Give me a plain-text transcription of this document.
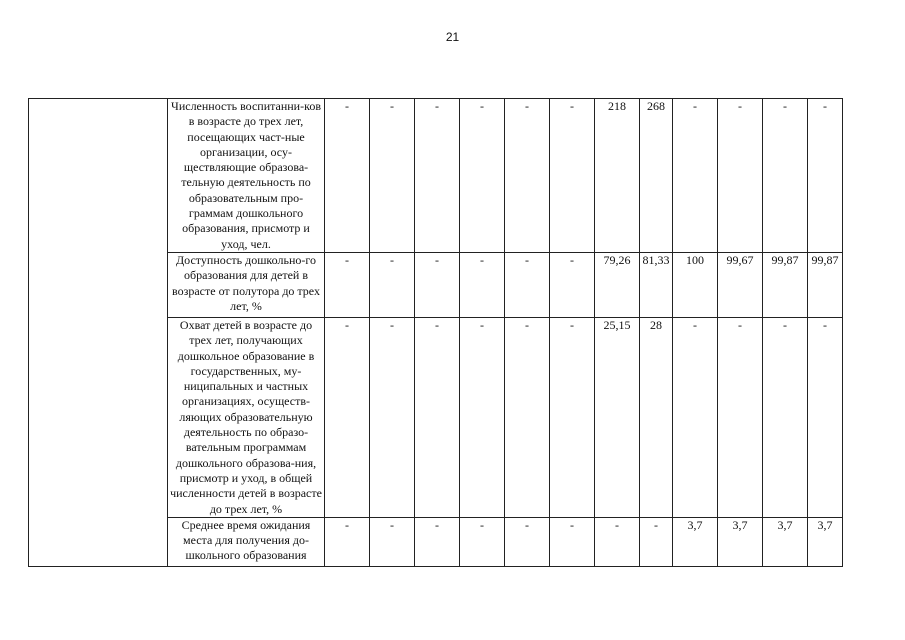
21
	Численность воспитанни-ков в возрасте до трех лет, посещающих част-ные организации, осу-ществляющие образова-тельную деятельность по образовательным про-граммам дошкольного образования, присмотр и уход, чел.	-	-	-	-	-	-	218	268	-	-	-	-
	Доступность дошкольно-го образования для детей в возрасте от полутора до трех лет, %	-	-	-	-	-	-	79,26	81,33	100	99,67	99,87	99,87
	Охват детей в возрасте до трех лет, получающих дошкольное образование в государственных, му-ниципальных и частных организациях, осуществ-ляющих образовательную деятельность по образо-вательным программам дошкольного образова-ния, присмотр и уход, в общей численности детей в возрасте до трех лет, %	-	-	-	-	-	-	25,15	28	-	-	-	-
	Среднее время ожидания места для получения до-школьного образования	-	-	-	-	-	-	-	-	3,7	3,7	3,7	3,7
